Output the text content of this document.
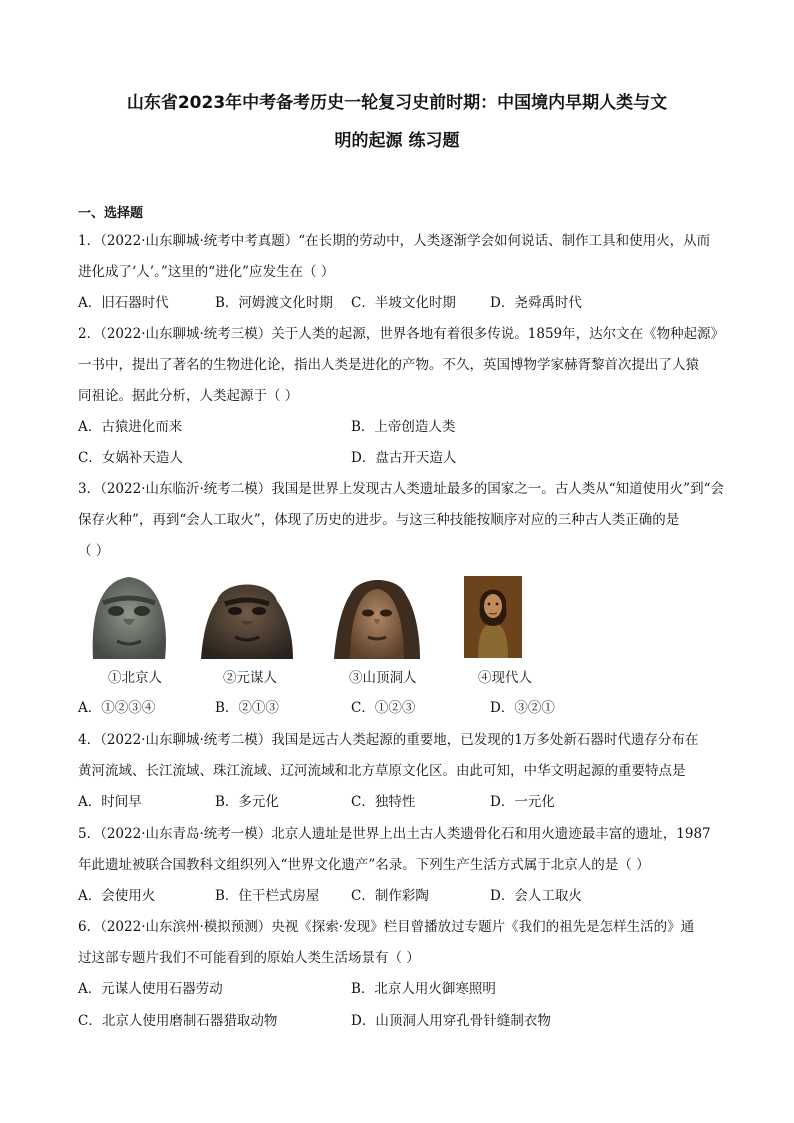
山东省2023年中考备考历史一轮复习史前时期：中国境内早期人类与文
明的起源 练习题
一、选择题
1．（2022·山东聊城·统考中考真题）“在长期的劳动中，人类逐渐学会如何说话、制作工具和使用火，从而
进化成了‘人’。”这里的“进化”应发生在（ ）
A．旧石器时代	B．河姆渡文化时期 C．半坡文化时期	D．尧舜禹时代
2．（2022·山东聊城·统考三模）关于人类的起源，世界各地有着很多传说。1859年，达尔文在《物种起源》
一书中，提出了著名的生物进化论，指出人类是进化的产物。不久，英国博物学家赫胥黎首次提出了人猿
同祖论。据此分析，人类起源于（ ）
A．古猿进化而来	B．上帝创造人类
C．女娲补天造人	D．盘古开天造人
3．（2022·山东临沂·统考二模）我国是世界上发现古人类遗址最多的国家之一。古人类从“知道使用火”到“会
保存火种”，再到“会人工取火”，体现了历史的进步。与这三种技能按顺序对应的三种古人类正确的是
（ ）
①北京人	②元谋人	③山顶洞人	④现代人
A．①②③④	B．②①③	C．①②③	D．③②①
4．（2022·山东聊城·统考二模）我国是远古人类起源的重要地，已发现的1万多处新石器时代遗存分布在
黄河流域、长江流域、珠江流域、辽河流域和北方草原文化区。由此可知，中华文明起源的重要特点是
A．时间早	B．多元化	C．独特性	D．一元化
5．（2022·山东青岛·统考一模）北京人遗址是世界上出土古人类遗骨化石和用火遗迹最丰富的遗址，1987
年此遗址被联合国教科文组织列入“世界文化遗产”名录。下列生产生活方式属于北京人的是（ ）
A．会使用火	B．住干栏式房屋 C．制作彩陶	D．会人工取火
6．（2022·山东滨州·模拟预测）央视《探索·发现》栏目曾播放过专题片《我们的祖先是怎样生活的》通
过这部专题片我们不可能看到的原始人类生活场景有（ ）
A．元谋人使用石器劳动	B．北京人用火御寒照明
C．北京人使用磨制石器猎取动物	D．山顶洞人用穿孔骨针缝制衣物
